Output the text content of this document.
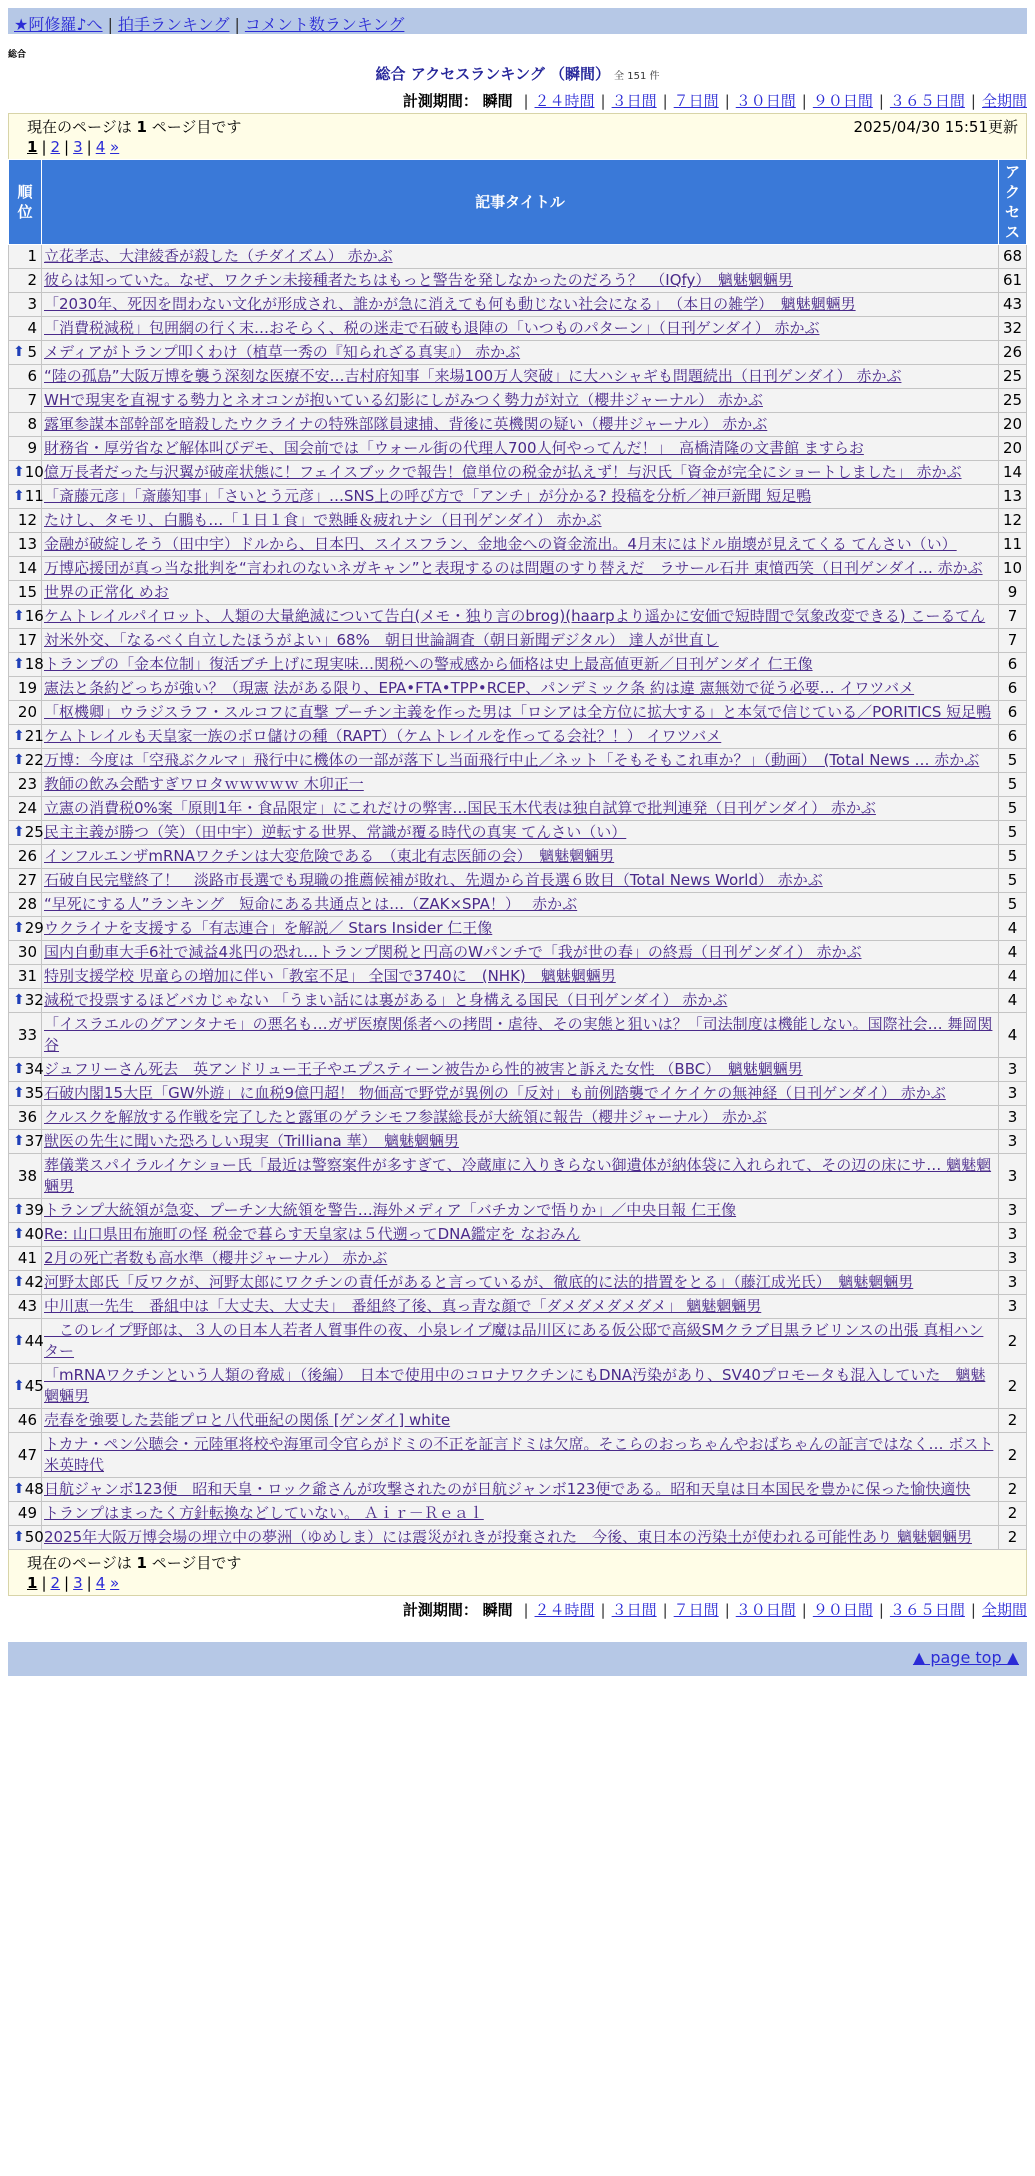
★阿修羅♪へ | 拍手ランキング | コメント数ランキング
総合
総合 アクセスランキング （瞬間） 全 151 件
計測期間： 瞬間 | ２４時間 | ３日間 | ７日間 | ３０日間 | ９０日間 | ３６５日間 | 全期間
現在のページは 1 ページ目です	2025/04/30 15:51更新
1 | 2 | 3 | 4 »
順位	記事タイトル	アクセス
1	立花孝志、大津綾香が殺した（チダイズム） 赤かぶ	68
2	彼らは知っていた。なぜ、ワクチン未接種者たちはもっと警告を発しなかったのだろう？　（IQfy）　魑魅魍魎男	61
3	「2030年、死因を問わない文化が形成され、誰かが急に消えても何も動じない社会になる」　（本日の雑学）　魑魅魍魎男	43
4	「消費税減税」包囲網の行く末…おそらく、税の迷走で石破も退陣の「いつものパターン」（日刊ゲンダイ） 赤かぶ	32

⬆ 5	メディアがトランプ叩くわけ（植草一秀の『知られざる真実』） 赤かぶ	26
6	“陸の孤島”大阪万博を襲う深刻な医療不安…吉村府知事「来場100万人突破」に大ハシャギも問題続出（日刊ゲンダイ） 赤かぶ	25
7	WHで現実を直視する勢力とネオコンが抱いている幻影にしがみつく勢力が対立（櫻井ジャーナル） 赤かぶ	25
8	露軍参謀本部幹部を暗殺したウクライナの特殊部隊員逮捕、背後に英機関の疑い（櫻井ジャーナル） 赤かぶ	20
9	財務省・厚労省など解体叫びデモ、国会前では「ウォール街の代理人700人何やってんだ！」　高橋清隆の文書館 ますらお	20

⬆ 10	億万長者だった与沢翼が破産状態に！フェイスブックで報告！億単位の税金が払えず！与沢氏「資金が完全にショートしました」 赤かぶ	14

⬆ 11	「斎藤元彦」「斎藤知事」「さいとう元彦」…SNS上の呼び方で「アンチ」が分かる? 投稿を分析／神戸新聞 短足鴨	13
12	たけし、タモリ、白鵬も…「１日１食」で熟睡＆疲れナシ（日刊ゲンダイ） 赤かぶ	12
13	金融が破綻しそう（田中宇）ドルから、日本円、スイスフラン、金地金への資金流出。4月末にはドル崩壊が見えてくる てんさい（い）	11
14	万博応援団が真っ当な批判を“言われのないネガキャン”と表現するのは問題のすり替えだ　ラサール石井 東憤西笑（日刊ゲンダイ… 赤かぶ	10
15	世界の正常化 めお	9

⬆ 16	ケムトレイルパイロット、人類の大量絶滅について告白(メモ・独り言のbrog)(haarpより遥かに安価で短時間で気象改変できる) こーるてん	7
17	対米外交、「なるべく自立したほうがよい」68%　朝日世論調査（朝日新聞デジタル） 達人が世直し	7

⬆ 18	トランプの「金本位制」復活ブチ上げに現実味…関税への警戒感から価格は史上最高値更新／日刊ゲンダイ 仁王像	6
19	憲法と条約どっちが強い？（現憲 法がある限り、EPA•FTA•TPP•RCEP、パンデミック条 約は違 憲無効で従う必要… イワツバメ	6
20	「枢機卿」ウラジスラフ・スルコフに直撃 プーチン主義を作った男は「ロシアは全方位に拡大する」と本気で信じている／PORITICS 短足鴨	6

⬆ 21	ケムトレイルも天皇家一族のボロ儲けの種（RAPT）（ケムトレイルを作ってる会社？！） イワツバメ	6

⬆ 22	万博：今度は「空飛ぶクルマ」飛行中に機体の一部が落下し当面飛行中止／ネット「そもそもこれ車か？」（動画）　(Total News … 赤かぶ	5
23	教師の飲み会酷すぎワロタｗｗｗｗｗ 木卯正一	5
24	立憲の消費税0%案「原則1年・食品限定」にこれだけの弊害…国民玉木代表は独自試算で批判連発（日刊ゲンダイ） 赤かぶ	5

⬆ 25	民主主義が勝つ（笑）（田中宇）逆転する世界、常識が覆る時代の真実 てんさい（い）	5
26	インフルエンザmRNAワクチンは大変危険である　（東北有志医師の会）　魑魅魍魎男	5
27	石破自民完璧終了！　淡路市長選でも現職の推薦候補が敗れ、先週から首長選６敗目（Total News World） 赤かぶ	5
28	“早死にする人”ランキング　短命にある共通点とは…（ZAK×SPA！）　 赤かぶ	5

⬆ 29	ウクライナを支援する「有志連合」を解説／ Stars Insider 仁王像	4
30	国内自動車大手6社で減益4兆円の恐れ…トランプ関税と円高のWパンチで「我が世の春」の終焉（日刊ゲンダイ） 赤かぶ	4
31	特別支援学校 児童らの増加に伴い「教室不足」 全国で3740に　(NHK)　魑魅魍魎男	4

⬆ 32	減税で投票するほどバカじゃない 「うまい話には裏がある」と身構える国民（日刊ゲンダイ） 赤かぶ	4
33	「イスラエルのグアンタナモ」の悪名も…ガザ医療関係者への拷問・虐待、その実態と狙いは？「司法制度は機能しない。国際社会… 舞岡関谷	4

⬆ 34	ジュフリーさん死去　英アンドリュー王子やエプスティーン被告から性的被害と訴えた女性 （BBC）　魑魅魍魎男	3

⬆ 35	石破内閣15大臣「GW外遊」に血税9億円超！ 物価高で野党が異例の「反対」も前例踏襲でイケイケの無神経（日刊ゲンダイ） 赤かぶ	3
36	クルスクを解放する作戦を完了したと露軍のゲラシモフ参謀総長が大統領に報告（櫻井ジャーナル） 赤かぶ	3

⬆ 37	獣医の先生に聞いた恐ろしい現実（Trilliana 華）　魑魅魍魎男	3
38	葬儀業スパイラルイケショー氏「最近は警察案件が多すぎて、冷蔵庫に入りきらない御遺体が納体袋に入れられて、その辺の床にサ… 魑魅魍魎男	3

⬆ 39	トランプ大統領が急変、プーチン大統領を警告…海外メディア「バチカンで悟りか」／中央日報 仁王像	3

⬆ 40	Re: 山口県田布施町の怪 税金で暮らす天皇家は５代遡ってDNA鑑定を なおみん	3
41	2月の死亡者数も高水準（櫻井ジャーナル） 赤かぶ	3

⬆ 42	河野太郎氏「反ワクが、河野太郎にワクチンの責任があると言っているが、徹底的に法的措置をとる」（藤江成光氏）　魑魅魍魎男	3
43	中川恵一先生　番組中は「大丈夫、大丈夫」　番組終了後、真っ青な顔で「ダメダメダメダメ」 魑魅魍魎男	3

⬆ 44	　このレイプ野郎は、３人の日本人若者人質事件の夜、小泉レイプ魔は品川区にある仮公邸で高級SMクラブ目黒ラビリンスの出張 真相ハンター	2

⬆ 45	「mRNAワクチンという人類の脅威」（後編）　日本で使用中のコロナワクチンにもDNA汚染があり、SV40プロモータも混入していた　魑魅魍魎男	2
46	売春を強要した芸能プロと八代亜紀の関係 [ゲンダイ] white	2
47	トカナ・ペン公聴会・元陸軍将校や海軍司令官らがドミの不正を証言ドミは欠席。そこらのおっちゃんやおばちゃんの証言ではなく… ボスト米英時代	2

⬆ 48	日航ジャンボ123便　昭和天皇・ロック爺さんが攻撃されたのが日航ジャンボ123便である。昭和天皇は日本国民を豊かに保った愉快適快	2
49	トランプはまったく方針転換などしていない。 Ａｉｒ－Ｒｅａｌ	2

⬆ 50	2025年大阪万博会場の埋立中の夢洲（ゆめしま）には震災がれきが投棄された　今後、東日本の汚染土が使われる可能性あり 魑魅魍魎男	2
現在のページは 1 ページ目です
1 | 2 | 3 | 4 »
計測期間： 瞬間 | ２４時間 | ３日間 | ７日間 | ３０日間 | ９０日間 | ３６５日間 | 全期間
▲ page top ▲
